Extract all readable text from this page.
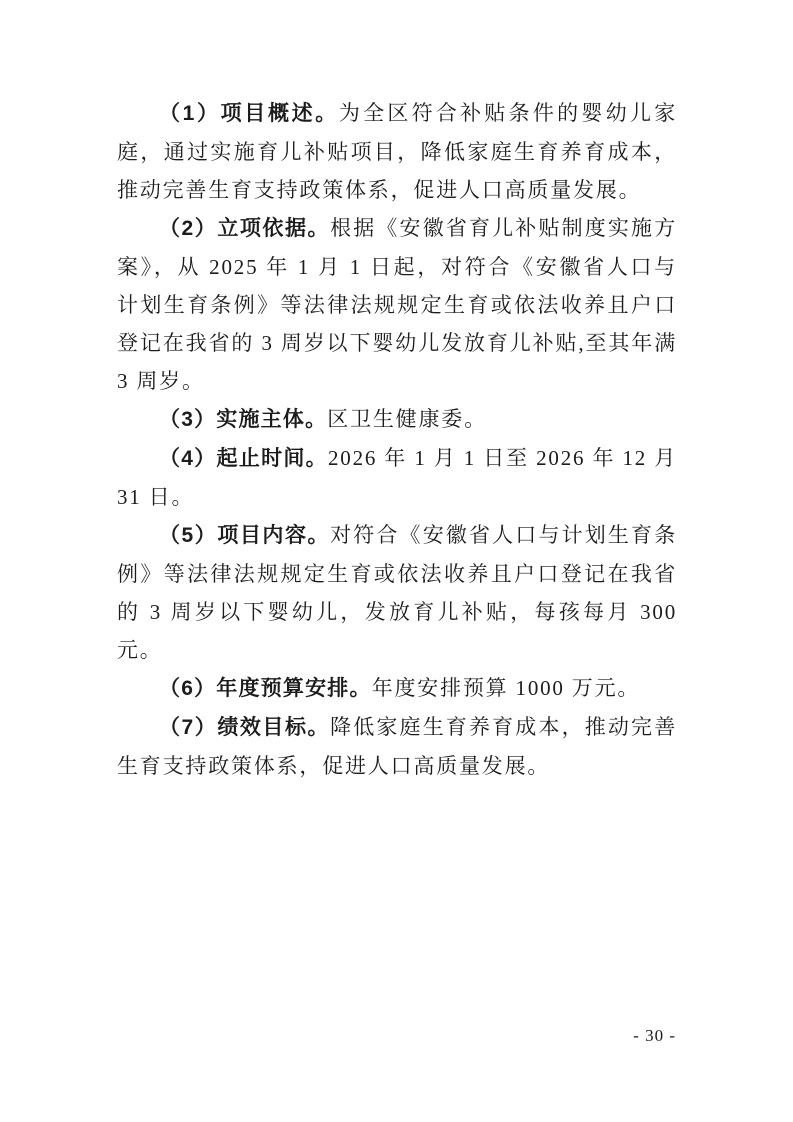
（1）项目概述。为全区符合补贴条件的婴幼儿家庭，通过实施育儿补贴项目，降低家庭生育养育成本，推动完善生育支持政策体系，促进人口高质量发展。

（2）立项依据。根据《安徽省育儿补贴制度实施方案》，从 2025 年 1 月 1 日起，对符合《安徽省人口与计划生育条例》等法律法规规定生育或依法收养且户口登记在我省的 3 周岁以下婴幼儿发放育儿补贴,至其年满 3 周岁。

（3）实施主体。区卫生健康委。

（4）起止时间。2026 年 1 月 1 日至 2026 年 12 月 31 日。

（5）项目内容。对符合《安徽省人口与计划生育条例》等法律法规规定生育或依法收养且户口登记在我省的 3 周岁以下婴幼儿，发放育儿补贴，每孩每月 300 元。

（6）年度预算安排。年度安排预算 1000 万元。

（7）绩效目标。降低家庭生育养育成本，推动完善生育支持政策体系，促进人口高质量发展。

- 30 -
